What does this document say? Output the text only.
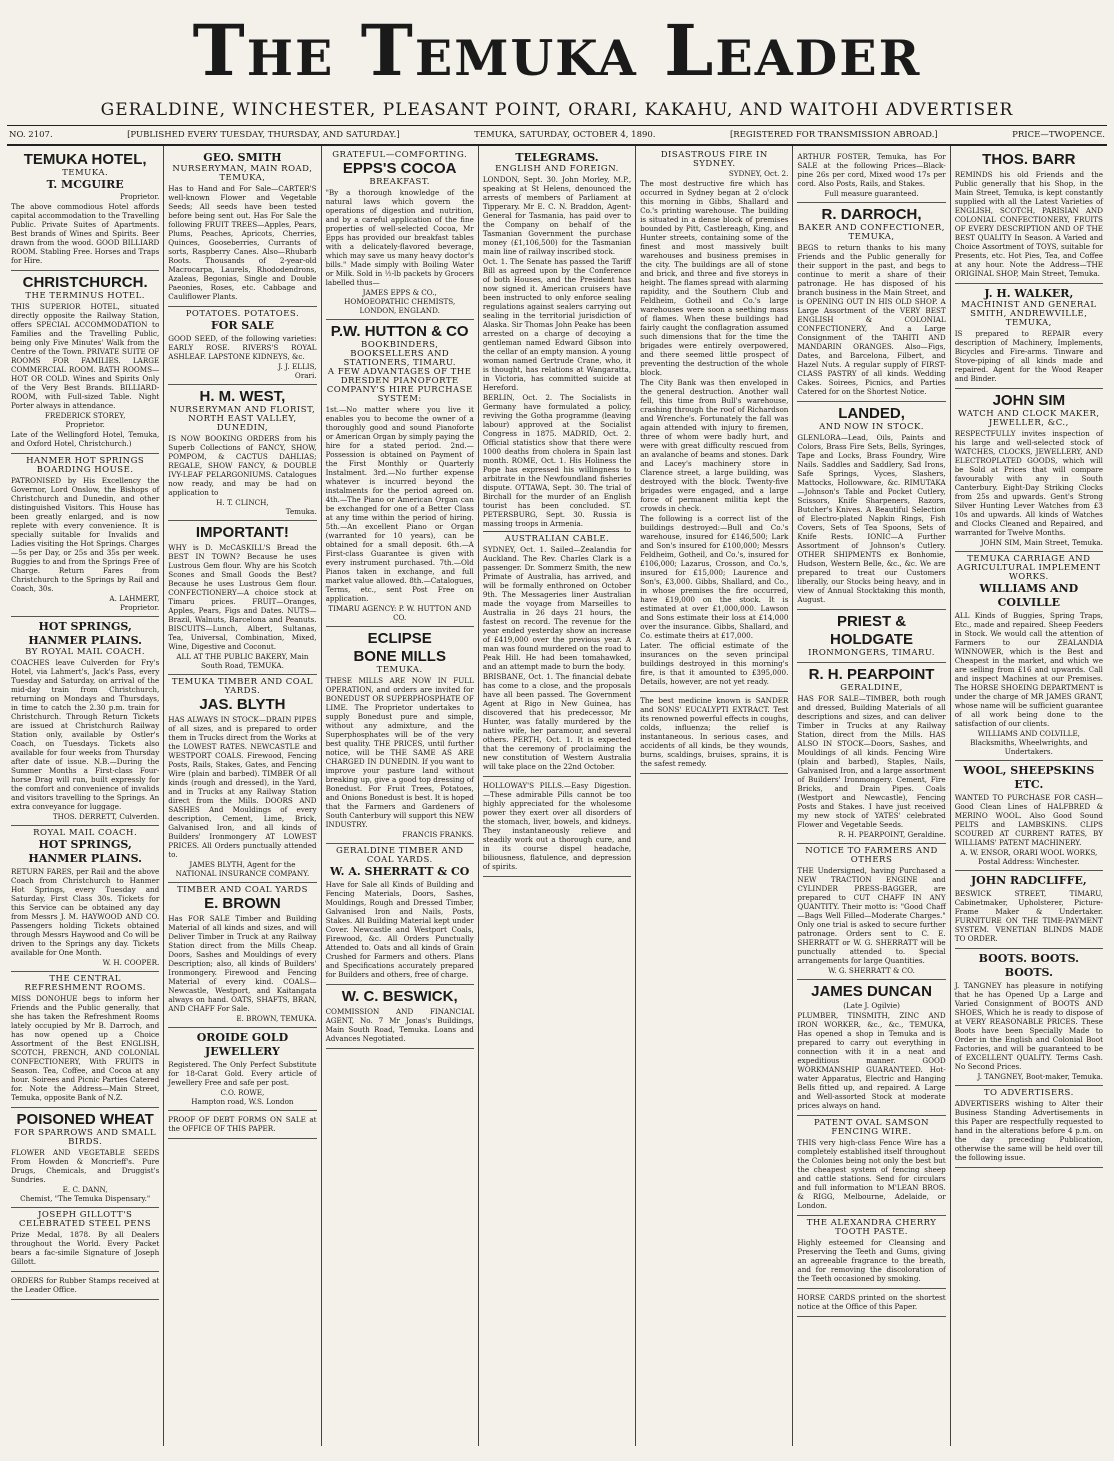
The Temuka Leader
GERALDINE, WINCHESTER, PLEASANT POINT, ORARI, KAKAHU, AND WAITOHI ADVERTISER
NO. 2107.	[PUBLISHED EVERY TUESDAY, THURSDAY, AND SATURDAY.]	TEMUKA, SATURDAY, OCTOBER 4, 1890.	[REGISTERED FOR TRANSMISSION ABROAD.]	PRICE—TWOPENCE.
TEMUKA HOTEL,
TEMUKA.
T. MCGUIRE
Proprietor.

The above commodious Hotel affords capital accommodation to the Travelling Public. Private Suites of Apartments. Best brands of Wines and Spirits. Beer drawn from the wood. GOOD BILLIARD ROOM. Stabling Free. Horses and Traps for Hire.

CHRISTCHURCH.
THE TERMINUS HOTEL.

THIS SUPERIOR HOTEL, situated directly opposite the Railway Station, offers SPECIAL ACCOMMODATION to Families and the Travelling Public, being only Five Minutes' Walk from the Centre of the Town. PRIVATE SUITE OF ROOMS FOR FAMILIES. LARGE COMMERCIAL ROOM. BATH ROOMS—HOT OR COLD. Wines and Spirits Only of the Very Best Brands. BILLIARD-ROOM, with Full-sized Table. Night Porter always in attendance.

FREDERICK STOREY,
Proprietor.

Late of the Wellingford Hotel, Temuka, and Oxford Hotel, Christchurch.)

HANMER HOT SPRINGS BOARDING HOUSE.

PATRONISED by His Excellency the Governor, Lord Onslow, the Bishops of Christchurch and Dunedin, and other distinguished Visitors. This House has been greatly enlarged, and is now replete with every convenience. It is specially suitable for Invalids and Ladies visiting the Hot Springs. Charges—5s per Day, or 25s and 35s per week. Buggies to and from the Springs Free of Charge. Return Fares from Christchurch to the Springs by Rail and Coach, 30s.

A. LAHMERT,
Proprietor.
HOT SPRINGS, HANMER PLAINS.
BY ROYAL MAIL COACH.

COACHES leave Culverden for Fry's Hotel, via Lahmert's, Jack's Pass, every Tuesday and Saturday, on arrival of the mid-day train from Christchurch, returning on Mondays and Thursdays, in time to catch the 2.30 p.m. train for Christchurch. Through Return Tickets are issued at Christchurch Railway Station only, available by Ostler's Coach, on Tuesdays. Tickets also available for four weeks from Thursday after date of issue. N.B.—During the Summer Months a First-class Four-horse Drag will run, built expressly for the comfort and convenience of invalids and visitors travelling to the Springs. An extra conveyance for luggage.

THOS. DERRETT, Culverden.
ROYAL MAIL COACH.
HOT SPRINGS, HANMER PLAINS.

RETURN FARES, per Rail and the above Coach from Christchurch to Hanmer Hot Springs, every Tuesday and Saturday, First Class 30s. Tickets for this Service can be obtained any day from Messrs J. M. HAYWOOD AND CO. Passengers holding Tickets obtained through Messrs Haywood and Co will be driven to the Springs any day. Tickets available for One Month.

W. H. COOPER.
THE CENTRAL REFRESHMENT ROOMS.

MISS DONOHUE begs to inform her Friends and the Public generally, that she has taken the Refreshment Rooms lately occupied by Mr B. Darroch, and has now opened up a Choice Assortment of the Best ENGLISH, SCOTCH, FRENCH, AND COLONIAL CONFECTIONERY, With FRUITS in Season. Tea, Coffee, and Cocoa at any hour. Soirees and Picnic Parties Catered for. Note the Address—Main Street, Temuka, opposite Bank of N.Z.

POISONED WHEAT
FOR SPARROWS AND SMALL BIRDS.

FLOWER AND VEGETABLE SEEDS From Howden & Moncrieff's. Pure Drugs, Chemicals, and Druggist's Sundries.

E. C. DANN,
Chemist, "The Temuka Dispensary."
JOSEPH GILLOTT'S CELEBRATED STEEL PENS

Prize Medal, 1878. By all Dealers throughout the World. Every Packet bears a fac-simile Signature of Joseph Gillott.

ORDERS for Rubber Stamps received at the Leader Office.

GEO. SMITH
NURSERYMAN, MAIN ROAD, TEMUKA,

Has to Hand and For Sale—CARTER'S well-known Flower and Vegetable Seeds; All seeds have been tested before being sent out. Has For Sale the following FRUIT TREES—Apples, Pears, Plums, Peaches, Apricots, Cherries, Quinces, Gooseberries, Currants of sorts, Raspberry Canes. Also—Rhubarb Roots. Thousands of 2-year-old Macrocarpa, Laurels, Rhododendrons, Azaleas, Begonias, Single and Double Paeonies, Roses, etc. Cabbage and Cauliflower Plants.

POTATOES. POTATOES.
FOR SALE

GOOD SEED, of the following varieties: EARLY ROSE. RIVERS'S ROYAL ASHLEAF. LAPSTONE KIDNEYS, &c.

J. J. ELLIS,
Orari.
H. M. WEST,
NURSERYMAN AND FLORIST, NORTH EAST VALLEY, DUNEDIN,

IS NOW BOOKING ORDERS from his Superb Collections of FANCY, SHOW, POMPOM, & CACTUS DAHLIAS; REGALE, SHOW FANCY, & DOUBLE IVY-LEAF PELARGONIUMS. Catalogues now ready, and may be had on application to

H. T. CLINCH,
Temuka.
IMPORTANT!

WHY is D. McCASKILL'S Bread the BEST IN TOWN? Because he uses Lustrous Gem flour. Why are his Scotch Scones and Small Goods the Best? Because he uses Lustrous Gem flour. CONFECTIONERY—A choice stock at Timaru prices. FRUIT—Oranges, Apples, Pears, Figs and Dates. NUTS—Brazil, Walnuts, Barcelona and Peanuts. BISCUITS—Lunch, Albert, Sultanas, Tea, Universal, Combination, Mixed, Wine, Digestive and Coconut.

ALL AT THE PUBLIC BAKERY, Main South Road, TEMUKA.
TEMUKA TIMBER AND COAL YARDS.
JAS. BLYTH

HAS ALWAYS IN STOCK—DRAIN PIPES of all sizes, and is prepared to order them in Trucks direct from the Works at the LOWEST RATES. NEWCASTLE and WESTPORT COALS. Firewood, Fencing Posts, Rails, Stakes, Gates, and Fencing Wire (plain and barbed). TIMBER Of all kinds (rough and dressed), in the Yard, and in Trucks at any Railway Station direct from the Mills. DOORS AND SASHES And Mouldings of every description, Cement, Lime, Brick, Galvanised Iron, and all kinds of Builders' Ironmongery AT LOWEST PRICES. All Orders punctually attended to.

JAMES BLYTH, Agent for the NATIONAL INSURANCE COMPANY.
TIMBER AND COAL YARDS
E. BROWN

Has FOR SALE Timber and Building Material of all kinds and sizes, and will Deliver Timber in Truck at any Railway Station direct from the Mills Cheap. Doors, Sashes and Mouldings of every Description; also, all kinds of Builders' Ironmongery. Firewood and Fencing Material of every kind. COALS—Newcastle, Westport, and Kaitangata always on hand. OATS, SHAFTS, BRAN, AND CHAFF For Sale.

E. BROWN, TEMUKA.
OROIDE GOLD JEWELLERY

Registered. The Only Perfect Substitute for 18-Carat Gold. Every article of Jewellery Free and safe per post.

C.O. ROWE,
Hampton road, W.S. London

PROOF OF DEBT FORMS ON SALE at the OFFICE OF THIS PAPER.

GRATEFUL—COMFORTING.
EPPS'S COCOA
BREAKFAST.

"By a thorough knowledge of the natural laws which govern the operations of digestion and nutrition, and by a careful application of the fine properties of well-selected Cocoa, Mr Epps has provided our breakfast tables with a delicately-flavored beverage, which may save us many heavy doctor's bills." Made simply with Boiling Water or Milk. Sold in ½-lb packets by Grocers labelled thus—

JAMES EPPS & CO.,
HOMOEOPATHIC CHEMISTS, LONDON, ENGLAND.
P.W. HUTTON & CO
BOOKBINDERS, BOOKSELLERS AND STATIONERS, TIMARU.
A FEW ADVANTAGES OF THE DRESDEN PIANOFORTE COMPANY'S HIRE PURCHASE SYSTEM:

1st.—No matter where you live it enables you to become the owner of a thoroughly good and sound Pianoforte or American Organ by simply paying the hire for a stated period. 2nd.—Possession is obtained on Payment of the First Monthly or Quarterly Instalment. 3rd.—No further expense whatever is incurred beyond the instalments for the period agreed on. 4th.—The Piano or American Organ can be exchanged for one of a Better Class at any time within the period of hiring. 5th.—An excellent Piano or Organ (warranted for 10 years), can be obtained for a small deposit. 6th.—A First-class Guarantee is given with every instrument purchased. 7th.—Old Pianos taken in exchange, and full market value allowed. 8th.—Catalogues, Terms, etc., sent Post Free on application.

TIMARU AGENCY: P. W. HUTTON AND CO.
ECLIPSE
BONE MILLS
TEMUKA.

THESE MILLS ARE NOW IN FULL OPERATION, and orders are invited for BONEDUST OR SUPERPHOSPHATE OF LIME. The Proprietor undertakes to supply Bonedust pure and simple, without any admixture, and the Superphosphates will be of the very best quality. THE PRICES, until further notice, will be THE SAME AS ARE CHARGED IN DUNEDIN. If you want to improve your pasture land without breaking up, give a good top dressing of Bonedust. For Fruit Trees, Potatoes, and Onions Bonedust is best. It is hoped that the Farmers and Gardeners of South Canterbury will support this NEW INDUSTRY.

FRANCIS FRANKS.
GERALDINE TIMBER AND COAL YARDS.
W. A. SHERRATT & CO

Have for Sale all Kinds of Building and Fencing Materials, Doors, Sashes, Mouldings, Rough and Dressed Timber, Galvanised Iron and Nails, Posts, Stakes. All Building Material kept under Cover. Newcastle and Westport Coals, Firewood, &c. All Orders Punctually Attended to. Oats and all kinds of Grain Crushed for Farmers and others. Plans and Specifications accurately prepared for Builders and others, free of charge.

W. C. BESWICK,

COMMISSION AND FINANCIAL AGENT, No. 7 Mr Jonas's Buildings, Main South Road, Temuka. Loans and Advances Negotiated.

TELEGRAMS.
ENGLISH AND FOREIGN.

LONDON, Sept. 30. John Morley, M.P., speaking at St Helens, denounced the arrests of members of Parliament at Tipperary. Mr E. C. N. Braddon, Agent-General for Tasmania, has paid over to the Company on behalf of the Tasmanian Government the purchase money (£1,106,500) for the Tasmanian main line of railway inscribed stock.

Oct. 1. The Senate has passed the Tariff Bill as agreed upon by the Conference of both Houses, and the President has now signed it. American cruisers have been instructed to only enforce sealing regulations against sealers carrying out sealing in the territorial jurisdiction of Alaska. Sir Thomas John Peake has been arrested on a charge of decoying a gentleman named Edward Gibson into the cellar of an empty mansion. A young woman named Gertrude Crane, who, it is thought, has relations at Wangaratta, in Victoria, has committed suicide at Hereford.

BERLIN, Oct. 2. The Socialists in Germany have formulated a policy, reviving the Gotha programme (leaving labour) approved at the Socialist Congress in 1875. MADRID, Oct. 2. Official statistics show that there were 1000 deaths from cholera in Spain last month. ROME, Oct. 1. His Holiness the Pope has expressed his willingness to arbitrate in the Newfoundland fisheries dispute. OTTAWA, Sept. 30. The trial of Birchall for the murder of an English tourist has been concluded. ST. PETERSBURG, Sept. 30. Russia is massing troops in Armenia.

AUSTRALIAN CABLE.

SYDNEY, Oct. 1. Sailed—Zealandia for Auckland. The Rev. Charles Clark is a passenger. Dr. Sommerz Smith, the new Primate of Australia, has arrived, and will be formally enthroned on October 9th. The Messageries liner Australian made the voyage from Marseilles to Australia in 26 days 21 hours, the fastest on record. The revenue for the year ended yesterday show an increase of £419,000 over the previous year. A man was found murdered on the road to Peak Hill. He had been tomahawked, and an attempt made to burn the body.

BRISBANE, Oct. 1. The financial debate has come to a close, and the proposals have all been passed. The Government Agent at Rigo in New Guinea, has discovered that his predecessor, Mr Hunter, was fatally murdered by the native wife, her paramour, and several others. PERTH, Oct. 1. It is expected that the ceremony of proclaiming the new constitution of Western Australia will take place on the 22nd October.

HOLLOWAY'S PILLS.—Easy Digestion.—These admirable Pills cannot be too highly appreciated for the wholesome power they exert over all disorders of the stomach, liver, bowels, and kidneys. They instantaneously relieve and steadily work out a thorough cure, and in its course dispel headache, biliousness, flatulence, and depression of spirits.

DISASTROUS FIRE IN SYDNEY.
SYDNEY, Oct. 2.

The most destructive fire which has occurred in Sydney began at 2 o'clock this morning in Gibbs, Shallard and Co.'s printing warehouse. The building is situated in a dense block of premises bounded by Pitt, Castlereagh, King, and Hunter streets, containing some of the finest and most massively built warehouses and business premises in the city. The buildings are all of stone and brick, and three and five storeys in height. The flames spread with alarming rapidity, and the Southern Club and Feldheim, Gotheil and Co.'s large warehouses were soon a seething mass of flames. When these buildings had fairly caught the conflagration assumed such dimensions that for the time the brigades were entirely overpowered, and there seemed little prospect of preventing the destruction of the whole block.

The City Bank was then enveloped in the general destruction. Another wall fell, this time from Bull's warehouse, crashing through the roof of Richardson and Wrenche's. Fortunately the fall was again attended with injury to firemen, three of whom were badly hurt, and were with great difficulty rescued from an avalanche of beams and stones. Dark and Lacey's machinery store in Clarence street, a large building, was destroyed with the block. Twenty-five brigades were engaged, and a large force of permanent militia kept the crowds in check.

The following is a correct list of the buildings destroyed:—Bull and Co.'s warehouse, insured for £146,500; Lark and Son's insured for £100,000; Messrs Feldheim, Gotheil, and Co.'s, insured for £106,000; Lazarus, Crosson, and Co.'s, insured for £15,000; Laurence and Son's, £3,000. Gibbs, Shallard, and Co., in whose premises the fire occurred, have £19,000 on the stock. It is estimated at over £1,000,000. Lawson and Sons estimate their loss at £14,000 over the insurance. Gibbs, Shallard, and Co. estimate theirs at £17,000.

Later. The official estimate of the insurances on the seven principal buildings destroyed in this morning's fire, is that it amounted to £395,000. Details, however, are not yet ready.

The best medicine known is SANDER and SONS' EUCALYPTI EXTRACT. Test its renowned powerful effects in coughs, colds, influenza; the relief is instantaneous. In serious cases, and accidents of all kinds, be they wounds, burns, scaldings, bruises, sprains, it is the safest remedy.

ARTHUR FOSTER, Temuka, has For SALE at the following Prices—Black-pine 26s per cord, Mixed wood 17s per cord. Also Posts, Rails, and Stakes.

Full measure guaranteed.
R. DARROCH,
BAKER AND CONFECTIONER, TEMUKA,

BEGS to return thanks to his many Friends and the Public generally for their support in the past, and begs to continue to merit a share of their patronage. He has disposed of his branch business in the Main Street, and is OPENING OUT IN HIS OLD SHOP. A Large Assortment of the VERY BEST ENGLISH & COLONIAL CONFECTIONERY, And a Large Consignment of the TAHITI AND MANDARIN ORANGES. Also—Figs, Dates, and Barcelona, Filbert, and Hazel Nuts. A regular supply of FIRST-CLASS PASTRY of all kinds. Wedding Cakes. Soirees, Picnics, and Parties Catered for on the Shortest Notice.

LANDED,
AND NOW IN STOCK.

GLENLORA—Lead, Oils, Paints and Colors, Brass Fire Sets, Bells, Syringes, Tape and Locks, Brass Foundry, Wire Nails. Saddles and Saddlery, Sad Irons, Safe Springs, Vyces, Slashers, Mattocks, Hollowware, &c. RIMUTAKA—Johnson's Table and Pocket Cutlery, Scissors, Knife Sharpeners, Razors, Butcher's Knives. A Beautiful Selection of Electro-plated Napkin Rings, Fish Covers, Sets of Tea Spoons, Sets of Knife Rests. IONIC—A Further Assortment of Johnson's Cutlery. OTHER SHIPMENTS ex Bonhomie, Hudson, Western Belle, &c., &c. We are prepared to treat our Customers liberally, our Stocks being heavy, and in view of Annual Stocktaking this month, August.

PRIEST & HOLDGATE
IRONMONGERS, TIMARU.
R. H. PEARPOINT
GERALDINE,

HAS FOR SALE—TIMBER, both rough and dressed, Building Materials of all descriptions and sizes, and can deliver Timber in Trucks at any Railway Station, direct from the Mills. HAS ALSO IN STOCK—Doors, Sashes, and Mouldings of all kinds. Fencing Wire (plain and barbed), Staples, Nails, Galvanised Iron, and a large assortment of Builders' Ironmongery. Cement, Fire Bricks, and Drain Pipes. Coals (Westport and Newcastle), Fencing Posts and Stakes. I have just received my new stock of YATES' celebrated Flower and Vegetable Seeds.

R. H. PEARPOINT, Geraldine.
NOTICE TO FARMERS AND OTHERS

THE Undersigned, having Purchased a NEW TRACTION ENGINE and CYLINDER PRESS-BAGGER, are prepared to CUT CHAFF IN ANY QUANTITY. Their motto is: "Good Chaff—Bags Well Filled—Moderate Charges." Only one trial is asked to secure further patronage. Orders sent to C. E. SHERRATT or W. G. SHERRATT will be punctually attended to. Special arrangements for large Quantities.

W. G. SHERRATT & CO.
JAMES DUNCAN
(Late J. Ogilvie)

PLUMBER, TINSMITH, ZINC AND IRON WORKER, &c., &c., TEMUKA, Has opened a shop in Temuka and is prepared to carry out everything in connection with it in a neat and expeditious manner. GOOD WORKMANSHIP GUARANTEED. Hot-water Apparatus, Electric and Hanging Bells fitted up, and repaired. A Large and Well-assorted Stock at moderate prices always on hand.

PATENT OVAL SAMSON FENCING WIRE.

THIS very high-class Fence Wire has a completely established itself throughout the Colonies being not only the best but the cheapest system of fencing sheep and cattle stations. Send for circulars and full information to M'LEAN BROS. & RIGG, Melbourne, Adelaide, or London.

THE ALEXANDRA CHERRY TOOTH PASTE.

Highly esteemed for Cleansing and Preserving the Teeth and Gums, giving an agreeable fragrance to the breath, and for removing the discoloration of the Teeth occasioned by smoking.

HORSE CARDS printed on the shortest notice at the Office of this Paper.

THOS. BARR

REMINDS his old Friends and the Public generally that his Shop, in the Main Street, Temuka, is kept constantly supplied with all the Latest Varieties of ENGLISH, SCOTCH, PARISIAN AND COLONIAL CONFECTIONERY, FRUITS OF EVERY DESCRIPTION AND OF THE BEST QUALITY In Season. A Varied and Choice Assortment of TOYS, suitable for Presents, etc. Hot Pies, Tea, and Coffee at any hour. Note the Address—THE ORIGINAL SHOP, Main Street, Temuka.

J. H. WALKER,
MACHINIST AND GENERAL SMITH, ANDREWVILLE, TEMUKA,

IS prepared to REPAIR every description of Machinery, Implements, Bicycles and Fire-arms. Tinware and Stove-piping of all kinds made and repaired. Agent for the Wood Reaper and Binder.

JOHN SIM
WATCH AND CLOCK MAKER, JEWELLER, &C.,

RESPECTFULLY invites inspection of his large and well-selected stock of WATCHES, CLOCKS, JEWELLERY, AND ELECTROPLATED GOODS, which will be Sold at Prices that will compare favourably with any in South Canterbury. Eight-Day Striking Clocks from 25s and upwards. Gent's Strong Silver Hunting Lever Watches from £3 10s and upwards. All kinds of Watches and Clocks Cleaned and Repaired, and warranted for Twelve Months.

JOHN SIM, Main Street, Temuka.
TEMUKA CARRIAGE AND AGRICULTURAL IMPLEMENT WORKS.
WILLIAMS AND COLVILLE

ALL Kinds of Buggies, Spring Traps, Etc., made and repaired. Sheep Feeders in Stock. We would call the attention of Farmers to our ZEALANDIA WINNOWER, which is the Best and Cheapest in the market, and which we are selling from £16 and upwards. Call and inspect Machines at our Premises. The HORSE SHOEING DEPARTMENT is under the charge of MR JAMES GRANT, whose name will be sufficient guarantee of all work being done to the satisfaction of our clients.

WILLIAMS AND COLVILLE, Blacksmiths, Wheelwrights, and Undertakers.
WOOL, SHEEPSKINS ETC.

WANTED TO PURCHASE FOR CASH—Good Clean Lines of HALFBRED & MERINO WOOL. Also Good Sound PELTS and LAMBSKINS. CLIPS SCOURED AT CURRENT RATES, BY WILLIAMS' PATENT MACHINERY.

A. W. ENSOR, ORARI WOOL WORKS, Postal Address: Winchester.
JOHN RADCLIFFE,

BESWICK STREET, TIMARU, Cabinetmaker, Upholsterer, Picture-Frame Maker & Undertaker. FURNITURE ON THE TIME-PAYMENT SYSTEM. VENETIAN BLINDS MADE TO ORDER.

BOOTS. BOOTS. BOOTS.

J. TANGNEY has pleasure in notifying that he has Opened Up a Large and Varied Consignment of BOOTS AND SHOES, Which he is ready to dispose of at VERY REASONABLE PRICES. These Boots have been Specially Made to Order in the English and Colonial Boot Factories, and will be guaranteed to be of EXCELLENT QUALITY. Terms Cash. No Second Prices.

J. TANGNEY, Boot-maker, Temuka.
TO ADVERTISERS.

ADVERTISERS wishing to Alter their Business Standing Advertisements in this Paper are respectfully requested to hand in the alterations before 4 p.m. on the day preceding Publication, otherwise the same will be held over till the following issue.
